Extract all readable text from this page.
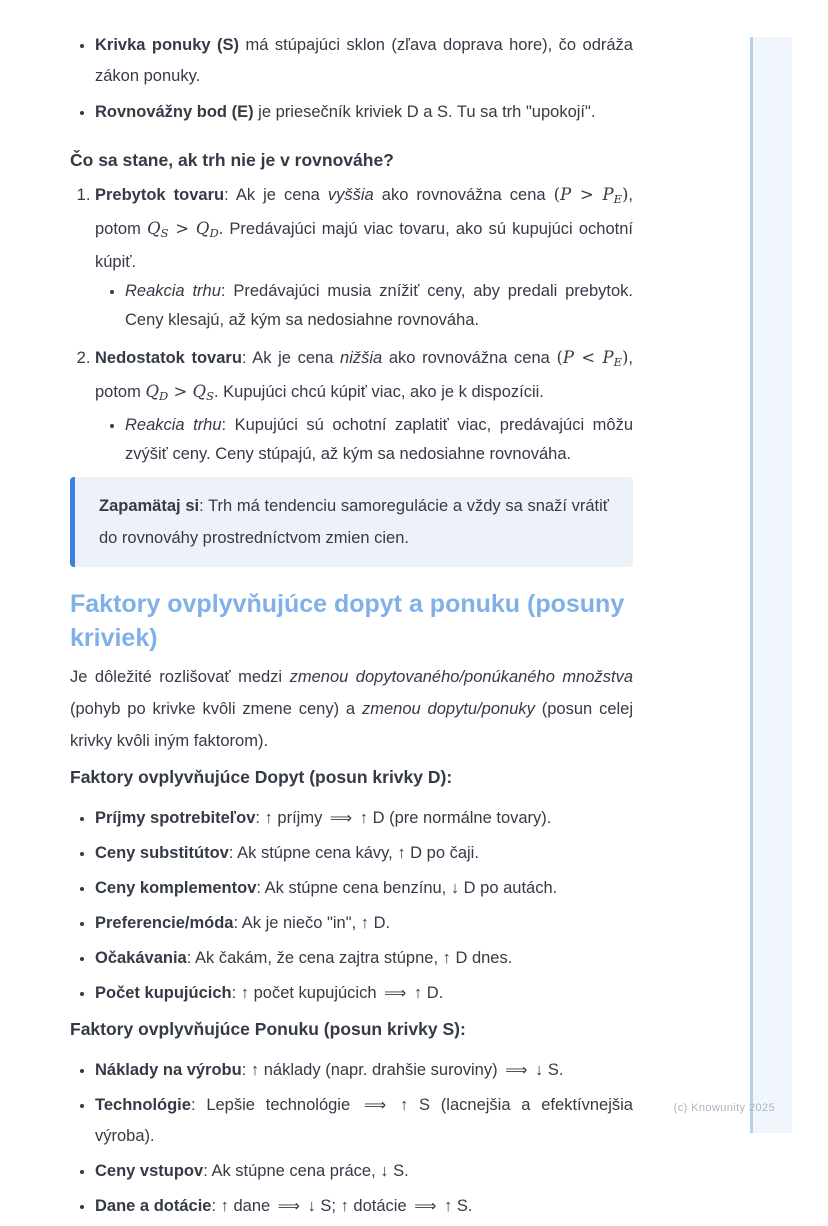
• Krivka ponuky (S) má stúpajúci sklon (zľava doprava hore), čo odráža zákon ponuky.
• Rovnovážny bod (E) je priesečník kriviek D a S. Tu sa trh "upokojí".
Čo sa stane, ak trh nie je v rovnováhe?
1. Prebytok tovaru: Ak je cena vyššia ako rovnovážna cena (P > PE), potom QS > QD. Predávajúci majú viac tovaru, ako sú kupujúci ochotní kúpiť.
• Reakcia trhu: Predávajúci musia znížiť ceny, aby predali prebytok. Ceny klesajú, až kým sa nedosiahne rovnováha.
2. Nedostatok tovaru: Ak je cena nižšia ako rovnovážna cena (P < PE), potom QD > QS. Kupujúci chcú kúpiť viac, ako je k dispozícii.
• Reakcia trhu: Kupujúci sú ochotní zaplatiť viac, predávajúci môžu zvýšiť ceny. Ceny stúpajú, až kým sa nedosiahne rovnováha.

Zapamätaj si: Trh má tendenciu samoregulácie a vždy sa snaží vrátiť do rovnováhy prostredníctvom zmien cien.

Faktory ovplyvňujúce dopyt a ponuku (posuny kriviek)

Je dôležité rozlišovať medzi zmenou dopytovaného/ponúkaného množstva (pohyb po krivke kvôli zmene ceny) a zmenou dopytu/ponuky (posun celej krivky kvôli iným faktorom).

Faktory ovplyvňujúce Dopyt (posun krivky D):
• Príjmy spotrebiteľov: ↑ príjmy ⟹ ↑ D (pre normálne tovary).
• Ceny substitútov: Ak stúpne cena kávy, ↑ D po čaji.
• Ceny komplementov: Ak stúpne cena benzínu, ↓ D po autách.
• Preferencie/móda: Ak je niečo "in", ↑ D.
• Očakávania: Ak čakám, že cena zajtra stúpne, ↑ D dnes.
• Počet kupujúcich: ↑ počet kupujúcich ⟹ ↑ D.
Faktory ovplyvňujúce Ponuku (posun krivky S):
• Náklady na výrobu: ↑ náklady (napr. drahšie suroviny) ⟹ ↓ S.
• Technológie: Lepšie technológie ⟹ ↑ S (lacnejšia a efektívnejšia výroba).
• Ceny vstupov: Ak stúpne cena práce, ↓ S.
• Dane a dotácie: ↑ dane ⟹ ↓ S; ↑ dotácie ⟹ ↑ S.
(c) Knowunity 2025
